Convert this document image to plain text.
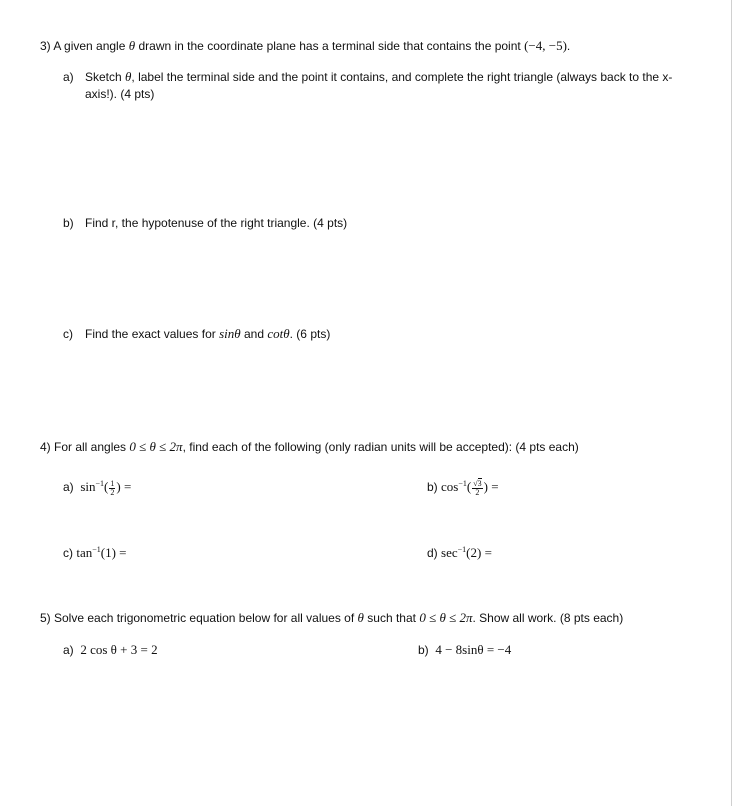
3) A given angle θ drawn in the coordinate plane has a terminal side that contains the point (−4, −5).
a) Sketch θ, label the terminal side and the point it contains, and complete the right triangle (always back to the x-
axis!). (4 pts)
b) Find r, the hypotenuse of the right triangle. (4 pts)
c) Find the exact values for sinθ and cotθ. (6 pts)
4) For all angles 0 ≤ θ ≤ 2π, find each of the following (only radian units will be accepted): (4 pts each)
a) $\sin^{-1}( \frac{1}{2}$ ) =	b) $\cos^{-1}( \frac{√3}{2}$ ) =
c) $\tan^{-1}(1)$ =	d) $\sec^{-1}(2)$ =
5) Solve each trigonometric equation below for all values of θ such that 0 ≤ θ ≤ 2π. Show all work. (8 pts each)
a) 2 cos θ + 3 = 2	b) 4 − 8sinθ = −4
